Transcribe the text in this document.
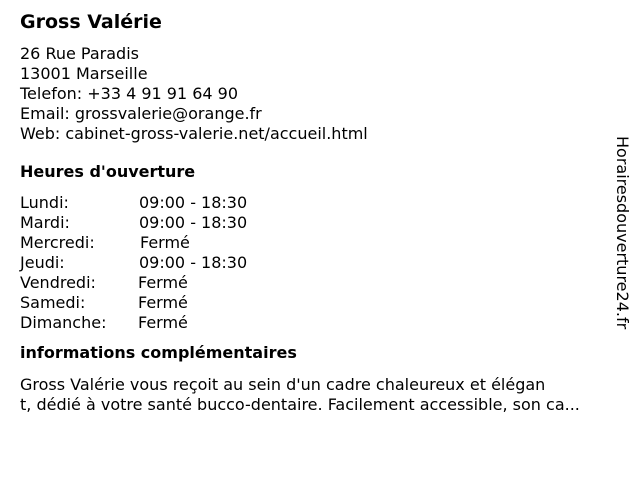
Gross Valérie
26 Rue Paradis
13001 Marseille
Telefon: +33 4 91 91 64 90
Email: grossvalerie@orange.fr
Web: cabinet-gross-valerie.net/accueil.html
Heures d'ouverture
Lundi:	09:00 - 18:30
Mardi:	09:00 - 18:30
Mercredi:	Fermé
Jeudi:	09:00 - 18:30
Vendredi:	Fermé
Samedi:	Fermé
Dimanche:	Fermé
informations complémentaires
Gross Valérie vous reçoit au sein d'un cadre chaleureux et élégan
t, dédié à votre santé bucco-dentaire. Facilement accessible, son ca...
Horairesdouverture24.fr
